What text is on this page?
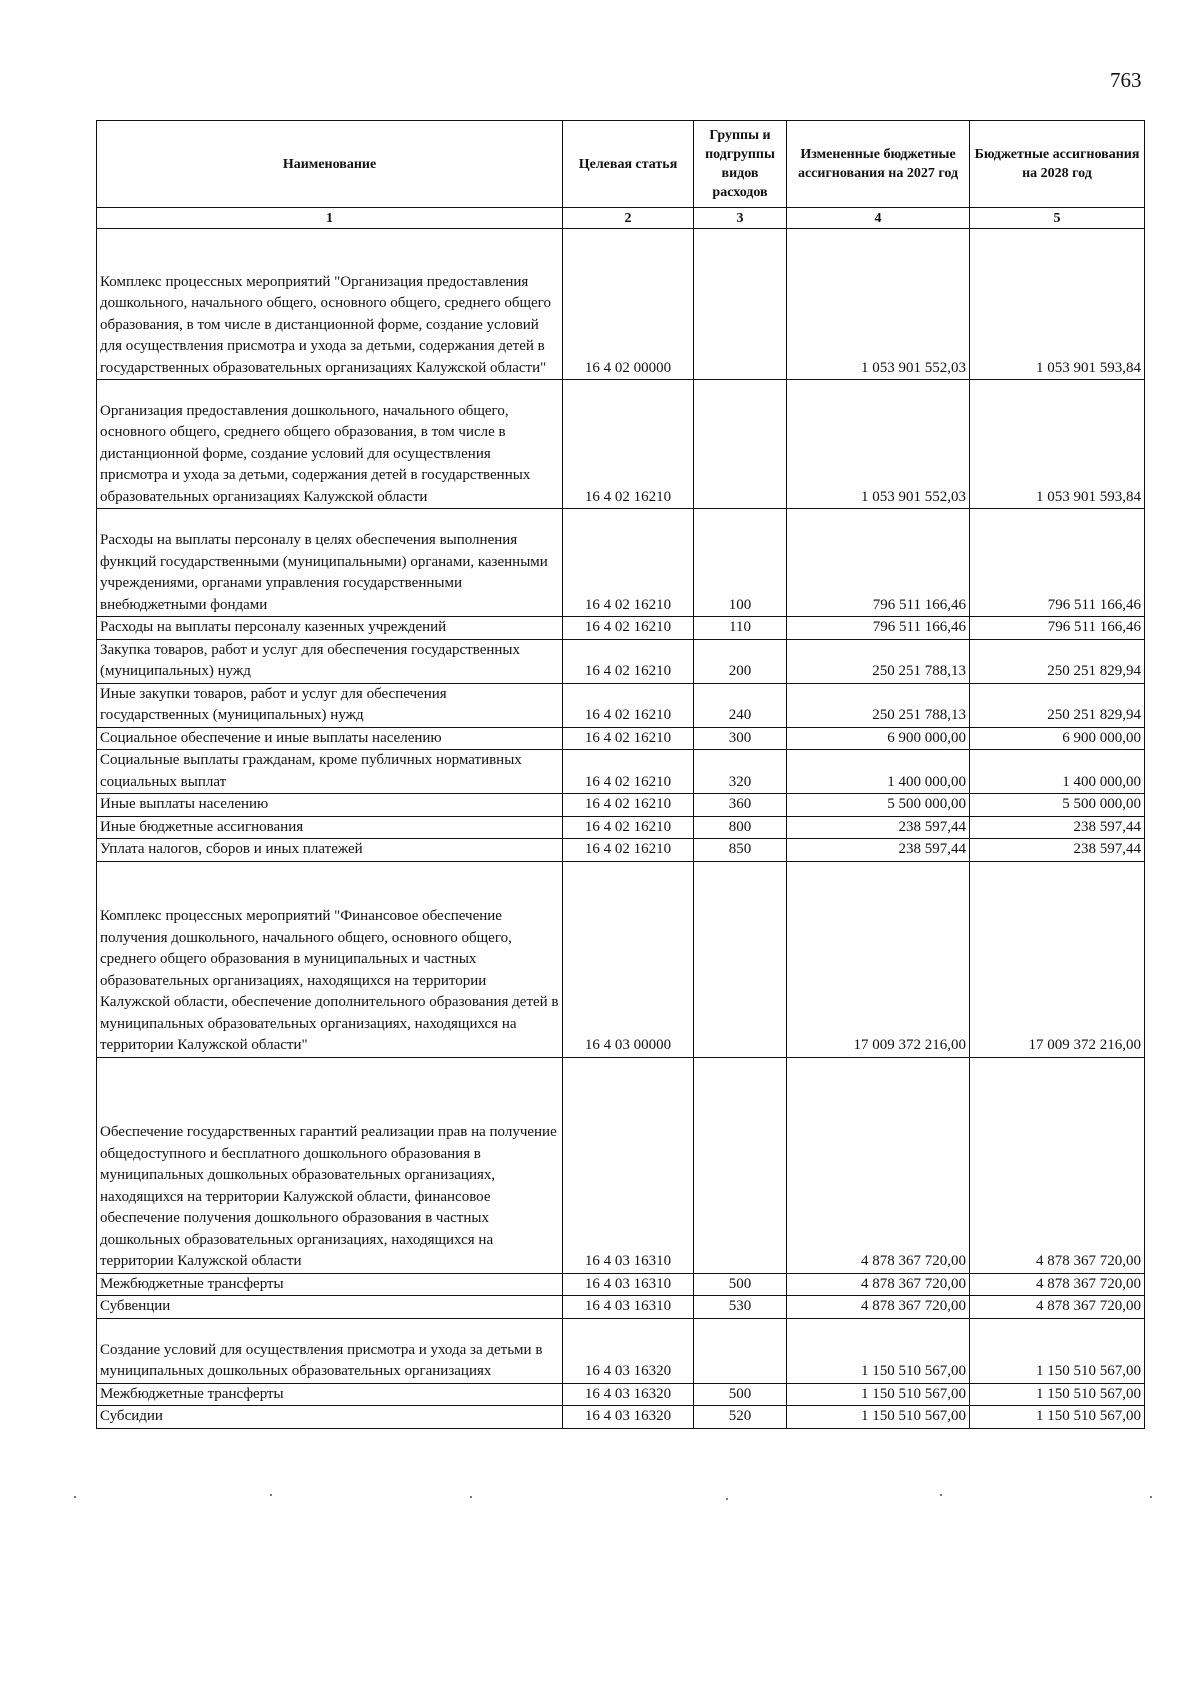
763
Наименование	Целевая статья	Группы и подгруппы видов расходов	Измененные бюджетные ассигнования на 2027 год	Бюджетные ассигнования на 2028 год
1	2	3	4	5
Комплекс процессных мероприятий "Организация предоставления дошкольного, начального общего, основного общего, среднего общего образования, в том числе в дистанционной форме, создание условий для осуществления присмотра и ухода за детьми, содержания детей в государственных образовательных организациях Калужской области"	16 4 02 00000		1 053 901 552,03	1 053 901 593,84
Организация предоставления дошкольного, начального общего, основного общего, среднего общего образования, в том числе в дистанционной форме, создание условий для осуществления присмотра и ухода за детьми, содержания детей в государственных образовательных организациях Калужской области	16 4 02 16210		1 053 901 552,03	1 053 901 593,84
Расходы на выплаты персоналу в целях обеспечения выполнения функций государственными (муниципальными) органами, казенными учреждениями, органами управления государственными внебюджетными фондами	16 4 02 16210	100	796 511 166,46	796 511 166,46
Расходы на выплаты персоналу казенных учреждений	16 4 02 16210	110	796 511 166,46	796 511 166,46
Закупка товаров, работ и услуг для обеспечения государственных (муниципальных) нужд	16 4 02 16210	200	250 251 788,13	250 251 829,94
Иные закупки товаров, работ и услуг для обеспечения государственных (муниципальных) нужд	16 4 02 16210	240	250 251 788,13	250 251 829,94
Социальное обеспечение и иные выплаты населению	16 4 02 16210	300	6 900 000,00	6 900 000,00
Социальные выплаты гражданам, кроме публичных нормативных социальных выплат	16 4 02 16210	320	1 400 000,00	1 400 000,00
Иные выплаты населению	16 4 02 16210	360	5 500 000,00	5 500 000,00
Иные бюджетные ассигнования	16 4 02 16210	800	238 597,44	238 597,44
Уплата налогов, сборов и иных платежей	16 4 02 16210	850	238 597,44	238 597,44
Комплекс процессных мероприятий "Финансовое обеспечение получения дошкольного, начального общего, основного общего, среднего общего образования в муниципальных и частных образовательных организациях, находящихся на территории Калужской области, обеспечение дополнительного образования детей в муниципальных образовательных организациях, находящихся на территории Калужской области"	16 4 03 00000		17 009 372 216,00	17 009 372 216,00
Обеспечение государственных гарантий реализации прав на получение общедоступного и бесплатного дошкольного образования в муниципальных дошкольных образовательных организациях, находящихся на территории Калужской области, финансовое обеспечение получения дошкольного образования в частных дошкольных образовательных организациях, находящихся на территории Калужской области	16 4 03 16310		4 878 367 720,00	4 878 367 720,00
Межбюджетные трансферты	16 4 03 16310	500	4 878 367 720,00	4 878 367 720,00
Субвенции	16 4 03 16310	530	4 878 367 720,00	4 878 367 720,00
Создание условий для осуществления присмотра и ухода за детьми в муниципальных дошкольных образовательных организациях	16 4 03 16320		1 150 510 567,00	1 150 510 567,00
Межбюджетные трансферты	16 4 03 16320	500	1 150 510 567,00	1 150 510 567,00
Субсидии	16 4 03 16320	520	1 150 510 567,00	1 150 510 567,00
